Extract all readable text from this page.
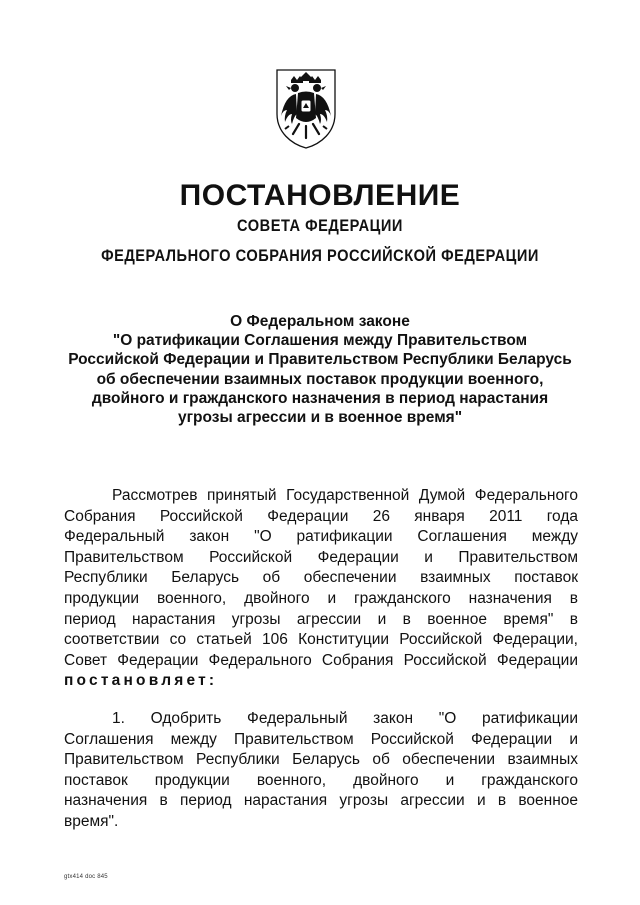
ПОСТАНОВЛЕНИЕ

СОВЕТА ФЕДЕРАЦИИ

ФЕДЕРАЛЬНОГО СОБРАНИЯ РОССИЙСКОЙ ФЕДЕРАЦИИ

О Федеральном законе
"О ратификации Соглашения между Правительством
Российской Федерации и Правительством Республики Беларусь
об обеспечении взаимных поставок продукции военного,
двойного и гражданского назначения в период нарастания
угрозы агрессии и в военное время"
Рассмотрев принятый Государственной Думой Федерального
Собрания Российской Федерации 26 января 2011 года
Федеральный закон "О ратификации Соглашения между
Правительством Российской Федерации и Правительством
Республики Беларусь об обеспечении взаимных поставок
продукции военного, двойного и гражданского назначения в
период нарастания угрозы агрессии и в военное время" в
соответствии со статьей 106 Конституции Российской Федерации,
Совет Федерации Федерального Собрания Российской Федерации
постановляет:
1. Одобрить Федеральный закон "О ратификации
Соглашения между Правительством Российской Федерации и
Правительством Республики Беларусь об обеспечении взаимных
поставок продукции военного, двойного и гражданского
назначения в период нарастания угрозы агрессии и в военное
время".

gtx414 doc 845
